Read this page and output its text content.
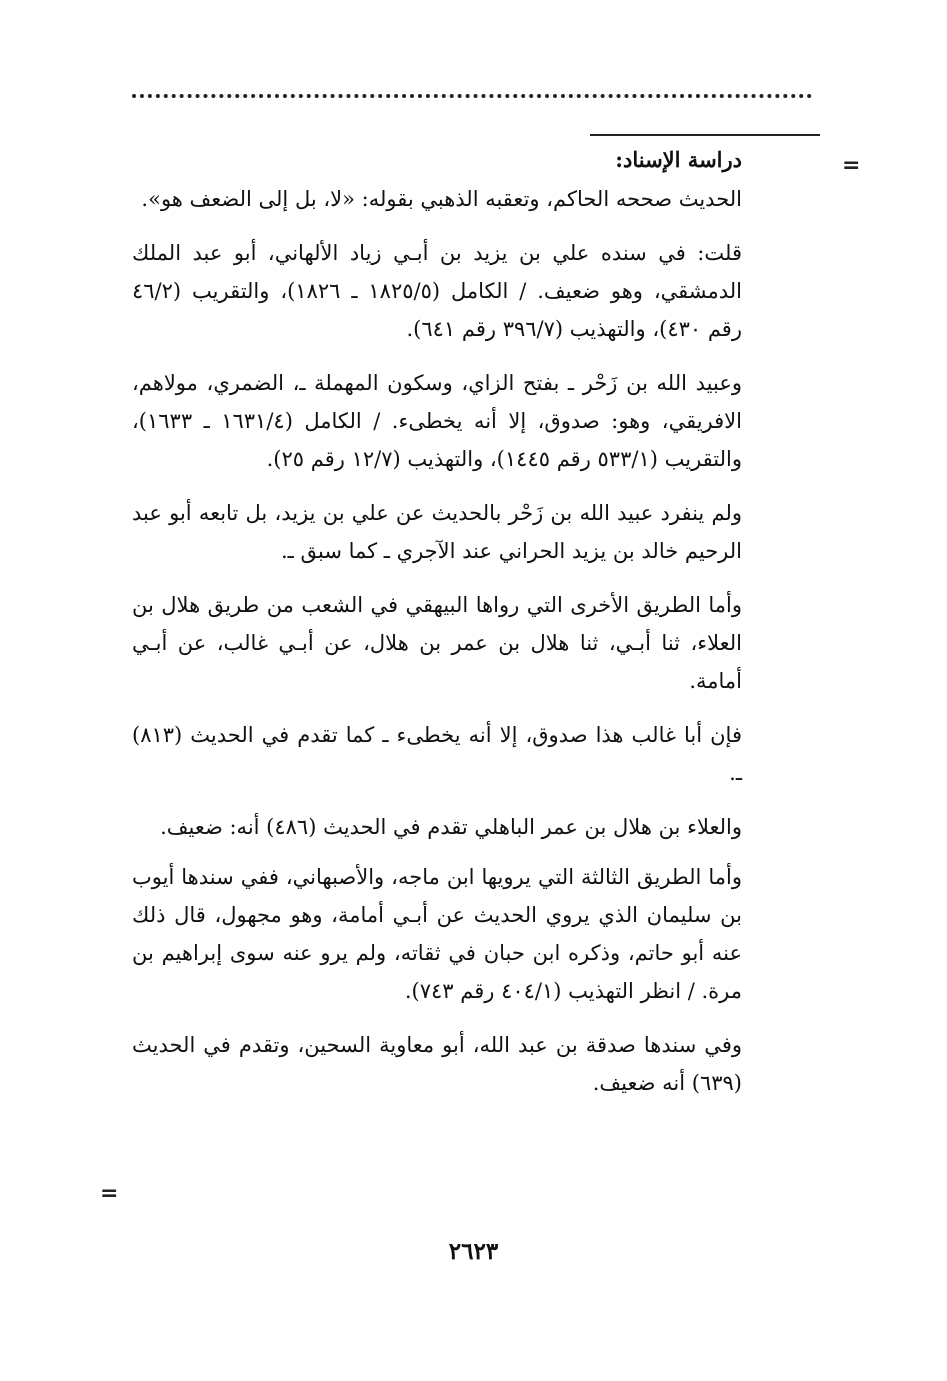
=
=

دراسة الإسناد:

الحديث صححه الحاكم، وتعقبه الذهبي بقوله: «لا، بل إلى الضعف هو».

قلت: في سنده علي بن يزيد بن أبـي زياد الألهاني، أبو عبد الملك الدمشقي، وهو ضعيف. / الكامل (١٨٢٥/٥ ـ ١٨٢٦)، والتقريب (٤٦/٢ رقم ٤٣٠)، والتهذيب (٣٩٦/٧ رقم ٦٤١).

وعبيد الله بن زَحْر ـ بفتح الزاي، وسكون المهملة ـ، الضمري، مولاهم، الافريقي، وهو: صدوق، إلا أنه يخطىء. / الكامل (١٦٣١/٤ ـ ١٦٣٣)، والتقريب (٥٣٣/١ رقم ١٤٤٥)، والتهذيب (١٢/٧ رقم ٢٥).

ولم ينفرد عبيد الله بن زَحْر بالحديث عن علي بن يزيد، بل تابعه أبو عبد الرحيم خالد بن يزيد الحراني عند الآجري ـ كما سبق ـ.

وأما الطريق الأخرى التي رواها البيهقي في الشعب من طريق هلال بن العلاء، ثنا أبـي، ثنا هلال بن عمر بن هلال، عن أبـي غالب، عن أبـي أمامة.

فإن أبا غالب هذا صدوق، إلا أنه يخطىء ـ كما تقدم في الحديث (٨١٣) ـ.

والعلاء بن هلال بن عمر الباهلي تقدم في الحديث (٤٨٦) أنه: ضعيف.

وأما الطريق الثالثة التي يرويها ابن ماجه، والأصبهاني، ففي سندها أيوب بن سليمان الذي يروي الحديث عن أبـي أمامة، وهو مجهول، قال ذلك عنه أبو حاتم، وذكره ابن حبان في ثقاته، ولم يرو عنه سوى إبراهيم بن مرة. / انظر التهذيب (٤٠٤/١ رقم ٧٤٣).

وفي سندها صدقة بن عبد الله، أبو معاوية السحين، وتقدم في الحديث (٦٣٩) أنه ضعيف.

٢٦٢٣
